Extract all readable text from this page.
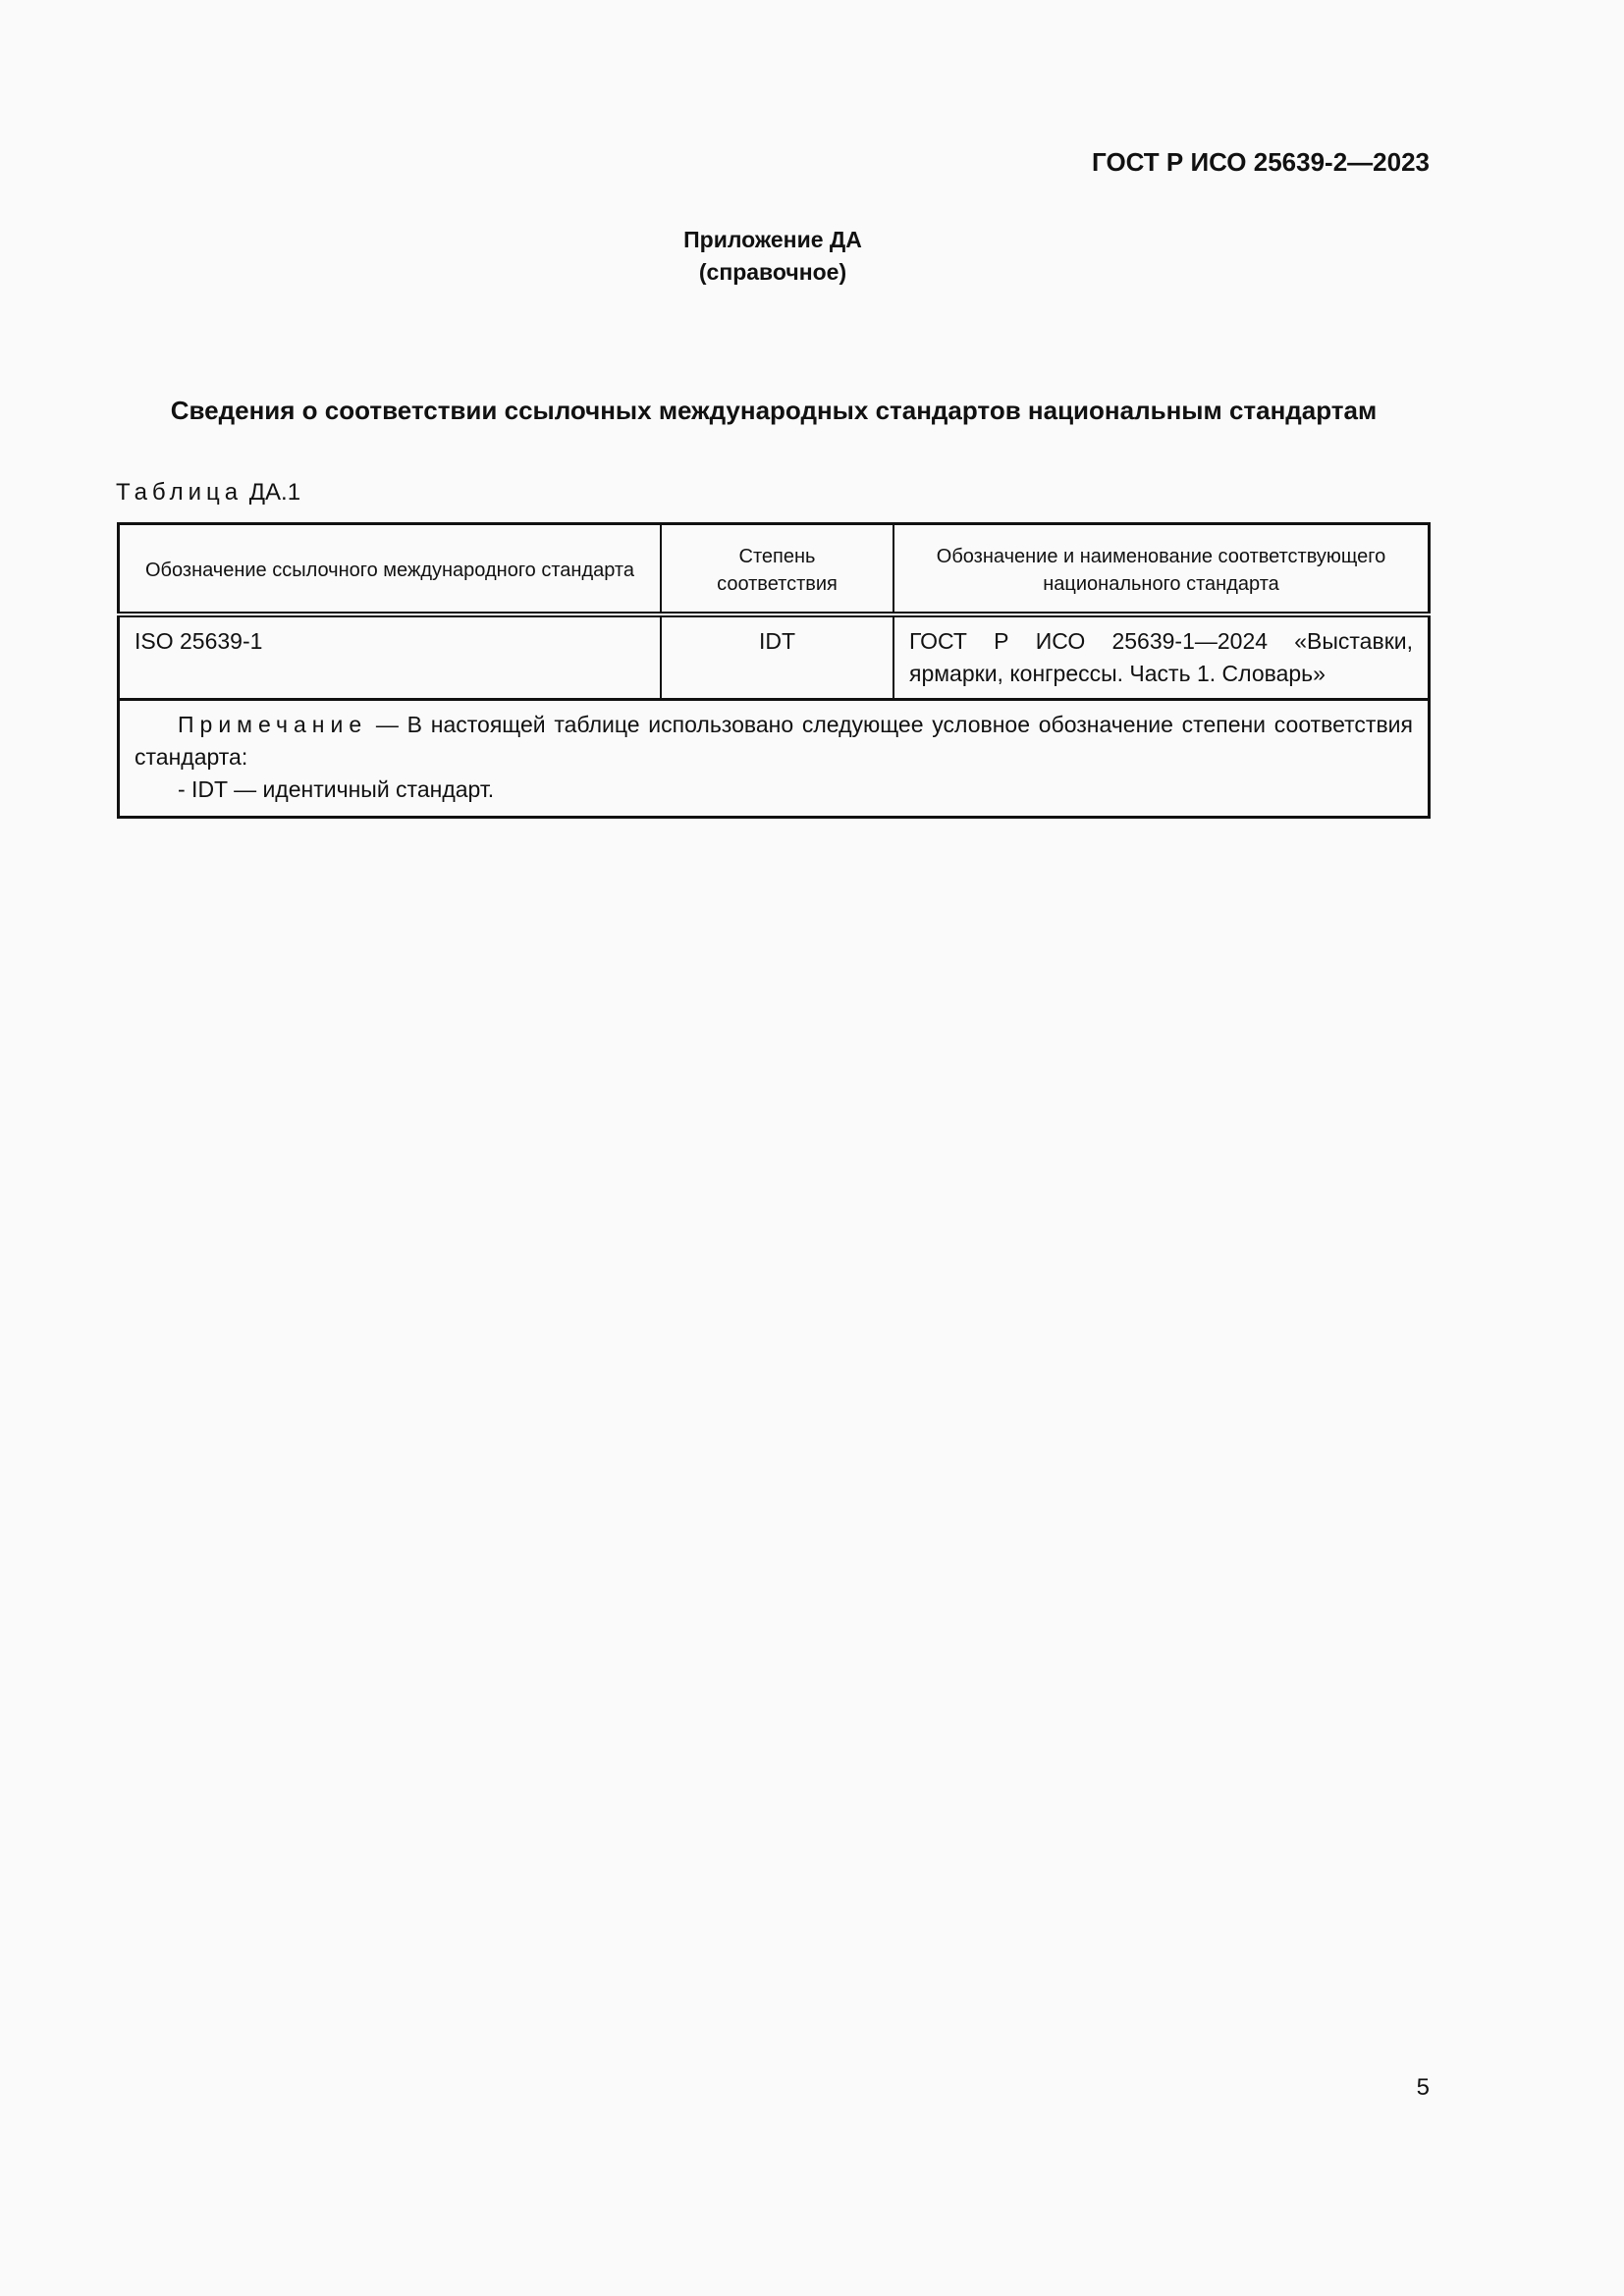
ГОСТ Р ИСО 25639-2—2023
Приложение ДА
(справочное)
Сведения о соответствии ссылочных международных стандартов национальным стандартам
Таблица ДА.1
Обозначение ссылочного международного стандарта	Степень соответствия	Обозначение и наименование соответствующего национального стандарта
ISO 25639-1	IDT	ГОСТ Р ИСО 25639-1—2024 «Выставки, ярмарки, конгрессы. Часть 1. Словарь»

Примечание — В настоящей таблице использовано следующее условное обозначение степени соответствия стандарта:

- IDT — идентичный стандарт.		
5
